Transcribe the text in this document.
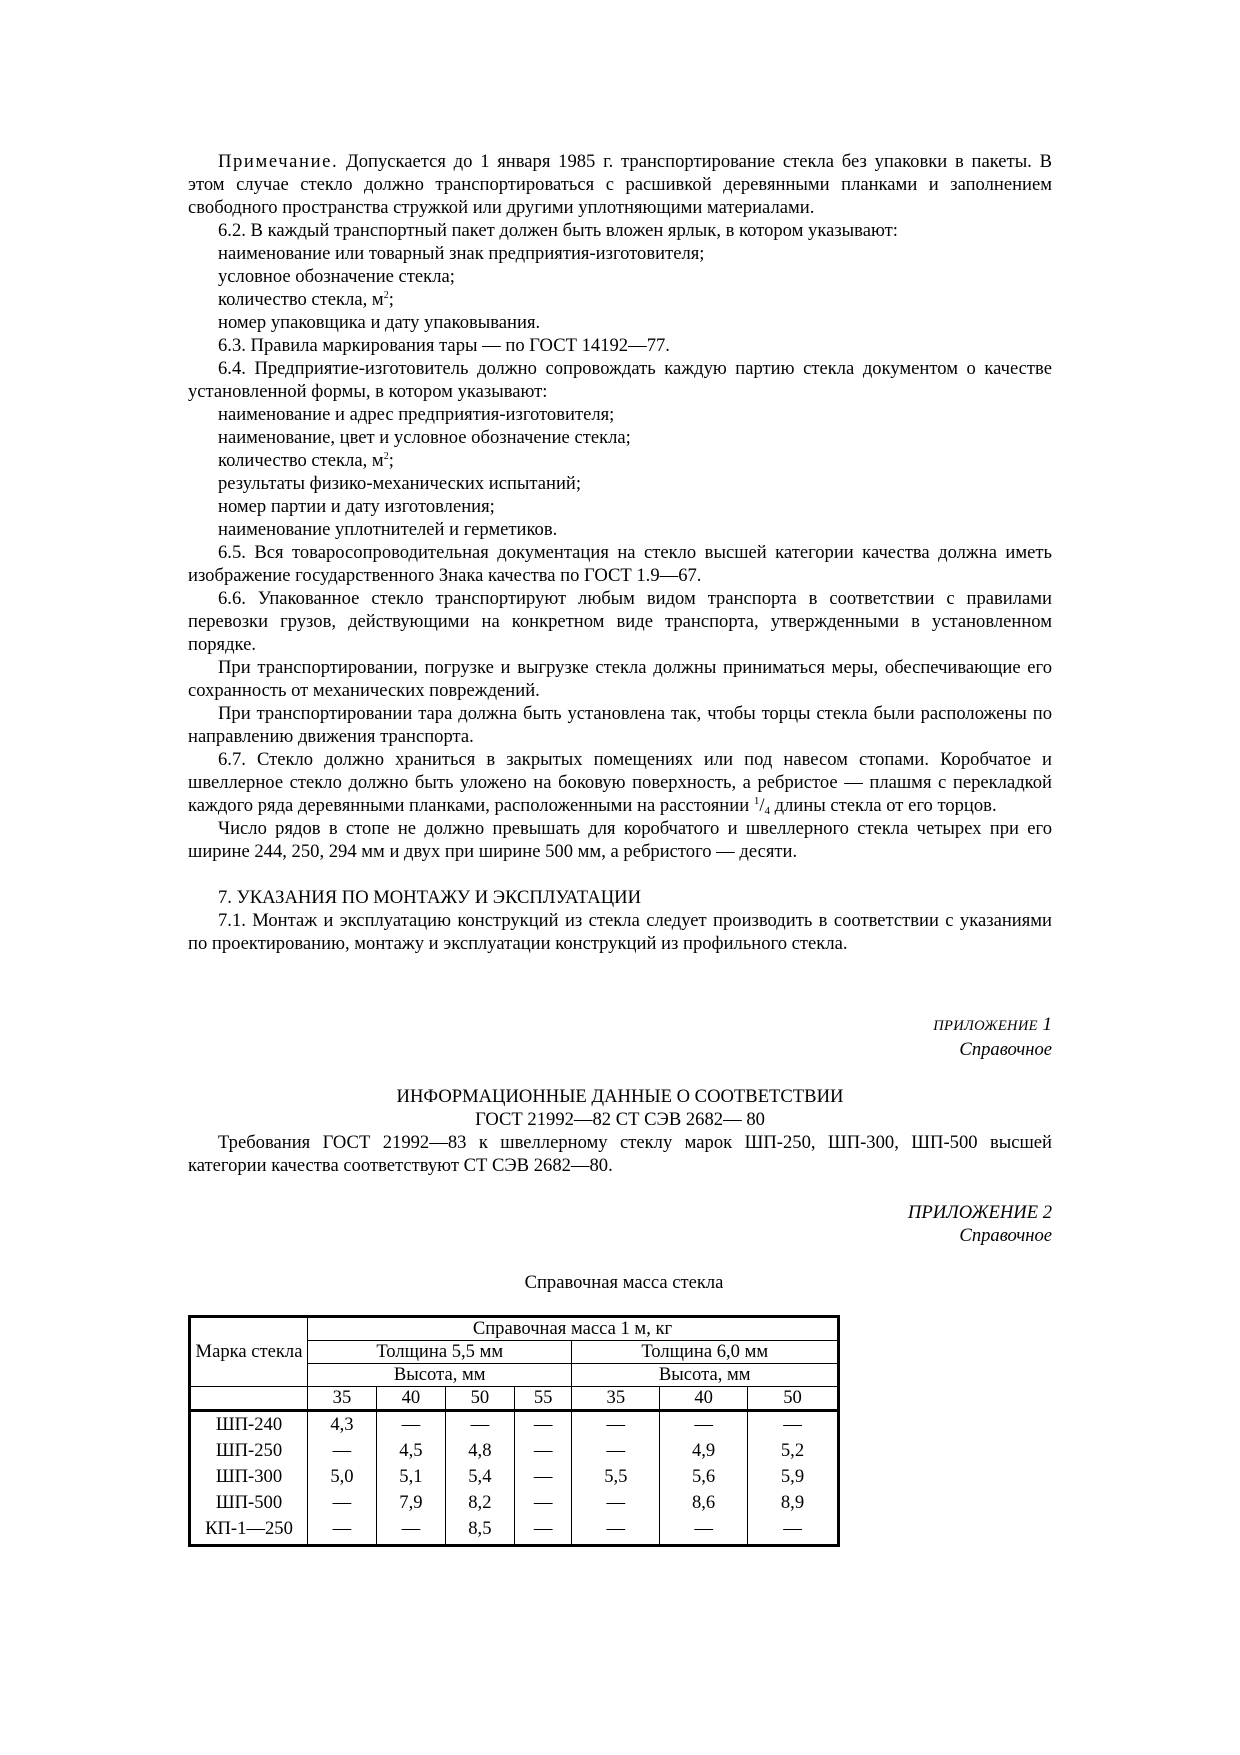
Примечание. Допускается до 1 января 1985 г. транспортирование стекла без упаковки в пакеты. В этом случае стекло должно транспортироваться с расшивкой деревянными планками и заполнением свободного пространства стружкой или другими уплотняющими материалами.

6.2. В каждый транспортный пакет должен быть вложен ярлык, в котором указывают:

наименование или товарный знак предприятия-изготовителя;

условное обозначение стекла;

количество стекла, $м^2$;

номер упаковщика и дату упаковывания.

6.3. Правила маркирования тары — по ГОСТ 14192—77.

6.4. Предприятие-изготовитель должно сопровождать каждую партию стекла документом о качестве установленной формы, в котором указывают:

наименование и адрес предприятия-изготовителя;

наименование, цвет и условное обозначение стекла;

количество стекла, $м^2$;

результаты физико-механических испытаний;

номер партии и дату изготовления;

наименование уплотнителей и герметиков.

6.5. Вся товаросопроводительная документация на стекло высшей категории качества должна иметь изображение государственного Знака качества по ГОСТ 1.9—67.

6.6. Упакованное стекло транспортируют любым видом транспорта в соответствии с правилами перевозки грузов, действующими на конкретном виде транспорта, утвержденными в установленном порядке.

При транспортировании, погрузке и выгрузке стекла должны приниматься меры, обеспечивающие его сохранность от механических повреждений.

При транспортировании тара должна быть установлена так, чтобы торцы стекла были расположены по направлению движения транспорта.

6.7. Стекло должно храниться в закрытых помещениях или под навесом стопами. Коробчатое и швеллерное стекло должно быть уложено на боковую поверхность, а ребристое — плашмя с перекладкой каждого ряда деревянными планками, расположенными на расстоянии $^1/_4$ длины стекла от его торцов.

Число рядов в стопе не должно превышать для коробчатого и швеллерного стекла четырех при его ширине 244, 250, 294 мм и двух при ширине 500 мм, а ребристого — десяти.

7. УКАЗАНИЯ ПО МОНТАЖУ И ЭКСПЛУАТАЦИИ

7.1. Монтаж и эксплуатацию конструкций из стекла следует производить в соответствии с указаниями по проектированию, монтажу и эксплуатации конструкций из профильного стекла.

ПРИЛОЖЕНИЕ 1
Справочное
ИНФОРМАЦИОННЫЕ ДАННЫЕ О СООТВЕТСТВИИ
ГОСТ 21992—82 СТ СЭВ 2682— 80

Требования ГОСТ 21992—83 к швеллерному стеклу марок ШП-250, ШП-300, ШП-500 высшей категории качества соответствуют СТ СЭВ 2682—80.

ПРИЛОЖЕНИЕ 2
Справочное
Справочная масса стекла
Марка стекла	Справочная масса 1 м, кг						
	Толщина 5,5 мм				Толщина 6,0 мм		
	Высота, мм				Высота, мм		
	35	40	50	55	35	40	50
ШП-240	4,3	—	—	—	—	—	—
ШП-250	—	4,5	4,8	—	—	4,9	5,2
ШП-300	5,0	5,1	5,4	—	5,5	5,6	5,9
ШП-500	—	7,9	8,2	—	—	8,6	8,9
КП-1—250	—	—	8,5	—	—	—	—
